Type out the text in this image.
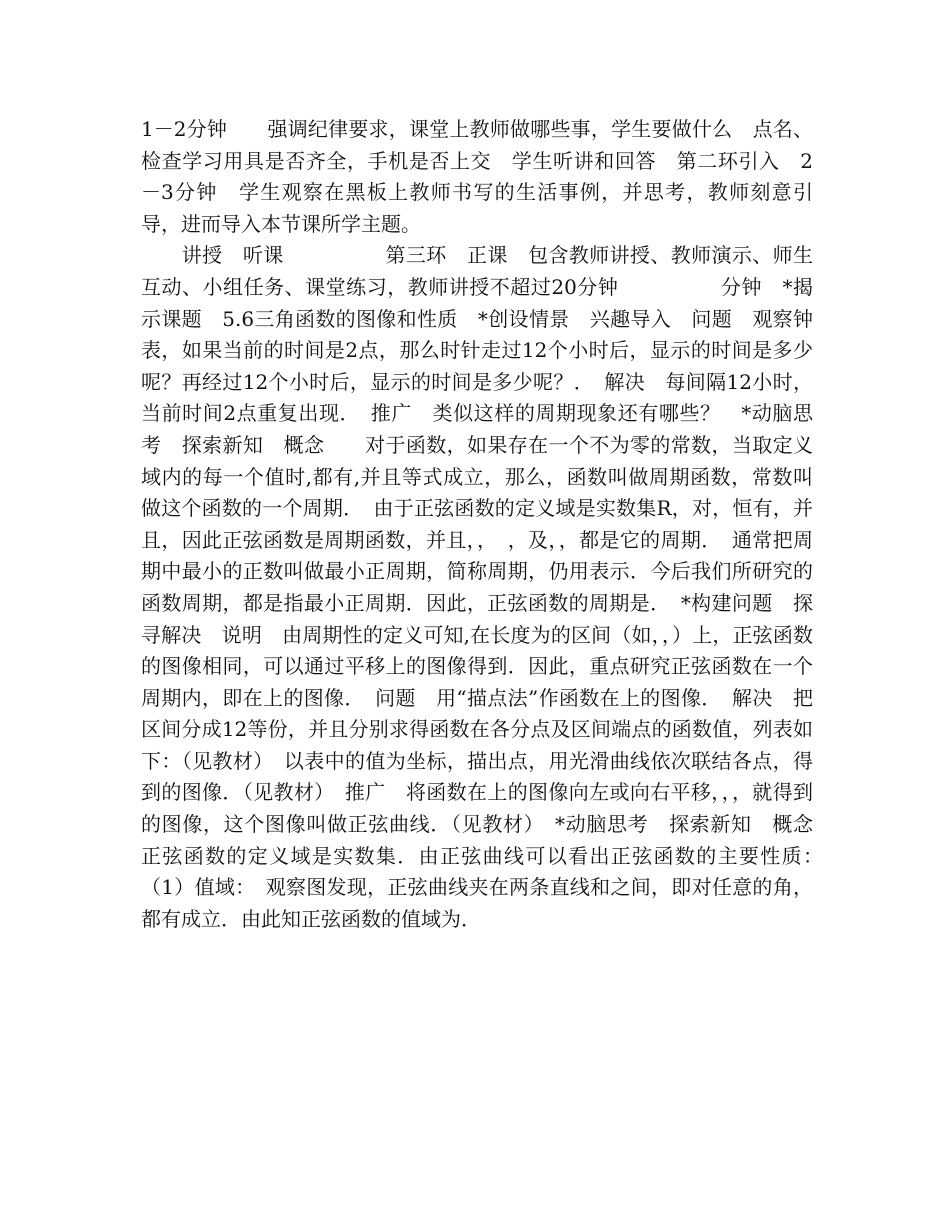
1－2分钟　　强调纪律要求，课堂上教师做哪些事，学生要做什么　点名、检查学习用具是否齐全，手机是否上交　学生听讲和回答　第二环引入　2－3分钟　学生观察在黑板上教师书写的生活事例，并思考，教师刻意引导，进而导入本节课所学主题。

　　讲授　听课　　　　　第三环　正课　包含教师讲授、教师演示、师生互动、小组任务、课堂练习，教师讲授不超过20分钟　　　　　分钟　*揭示课题　5.6三角函数的图像和性质　*创设情景　兴趣导入　问题　观察钟表，如果当前的时间是2点，那么时针走过12个小时后，显示的时间是多少呢？再经过12个小时后，显示的时间是多少呢？．　解决　每间隔12小时，当前时间2点重复出现．　推广　类似这样的周期现象还有哪些？　*动脑思考　探索新知　概念　　对于函数，如果存在一个不为零的常数，当取定义域内的每一个值时,都有,并且等式成立，那么，函数叫做周期函数，常数叫做这个函数的一个周期．　由于正弦函数的定义域是实数集R，对，恒有，并且，因此正弦函数是周期函数，并且，，　，及，，都是它的周期．　通常把周期中最小的正数叫做最小正周期，简称周期，仍用表示．今后我们所研究的函数周期，都是指最小正周期．因此，正弦函数的周期是．　*构建问题　探寻解决　说明　由周期性的定义可知,在长度为的区间（如，，）上，正弦函数的图像相同，可以通过平移上的图像得到．因此，重点研究正弦函数在一个周期内，即在上的图像．　问题　用“描点法”作函数在上的图像．　解决　把区间分成12等份，并且分别求得函数在各分点及区间端点的函数值，列表如下：（见教材）　以表中的值为坐标，描出点，用光滑曲线依次联结各点，得到的图像．（见教材）　推广　将函数在上的图像向左或向右平移，，，就得到的图像，这个图像叫做正弦曲线．（见教材）　*动脑思考　探索新知　概念　正弦函数的定义域是实数集．由正弦曲线可以看出正弦函数的主要性质：　（1）值域：　观察图发现，正弦曲线夹在两条直线和之间，即对任意的角，都有成立．由此知正弦函数的值域为．
